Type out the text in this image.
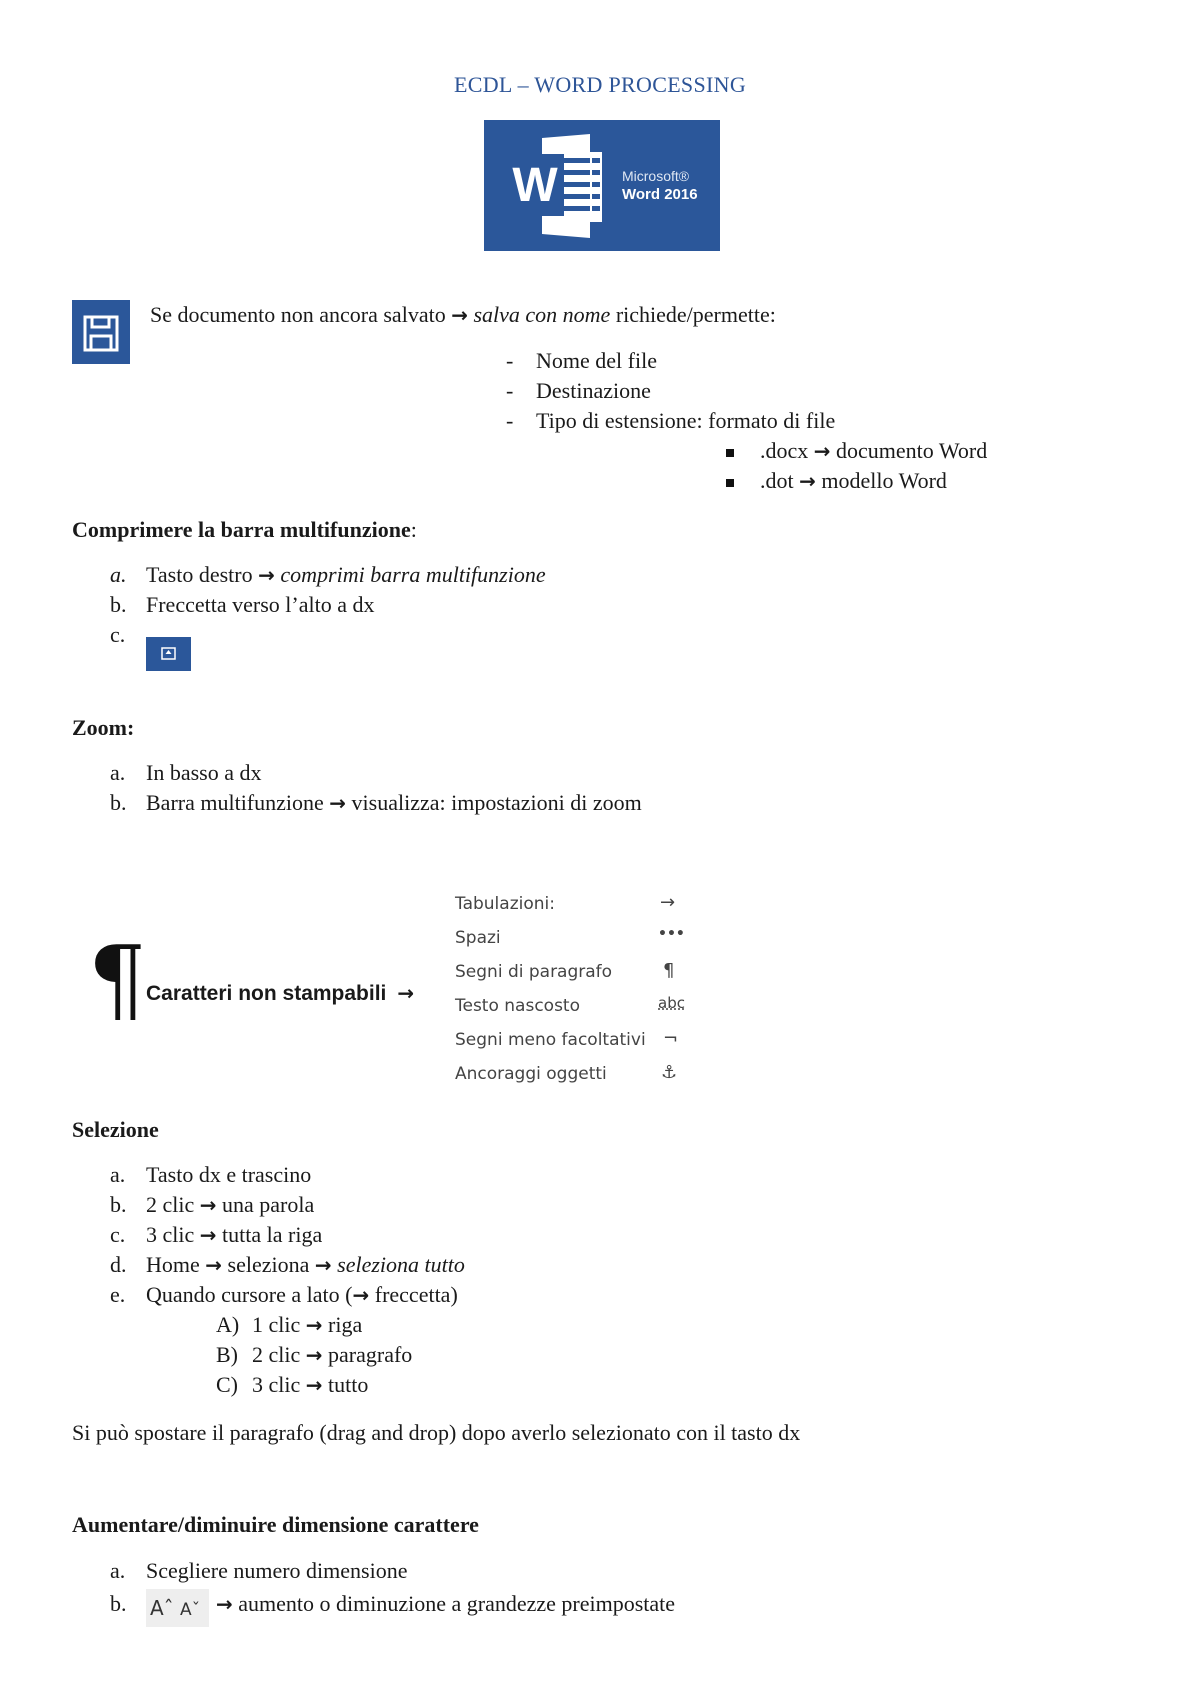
ECDL – WORD PROCESSING
W	Microsoft®
Word 2016
Se documento non ancora salvato → salva con nome richiede/permette:
- Nome del file
- Destinazione
- Tipo di estensione: formato di file
.docx → documento Word
.dot → modello Word
Comprimere la barra multifunzione:
a. Tasto destro → comprimi barra multifunzione
b. Freccetta verso l’alto a dx
c.
Zoom:
a. In basso a dx
b. Barra multifunzione → visualizza: impostazioni di zoom
¶ Caratteri non stampabili →
Tabulazioni:	→
Spazi	•••
Segni di paragrafo	¶
Testo nascosto	abc
Segni meno facoltativi ¬
Ancoraggi oggetti	⚓
Selezione
a. Tasto dx e trascino
b. 2 clic → una parola
c. 3 clic → tutta la riga
d. Home → seleziona → seleziona tutto
e. Quando cursore a lato (→ freccetta)
A) 1 clic → riga
B) 2 clic → paragrafo
C) 3 clic → tutto
Si può spostare il paragrafo (drag and drop) dopo averlo selezionato con il tasto dx
Aumentare/diminuire dimensione carattere
a. Scegliere numero dimensione
b. Aˆ Aˇ → aumento o diminuzione a grandezze preimpostate
